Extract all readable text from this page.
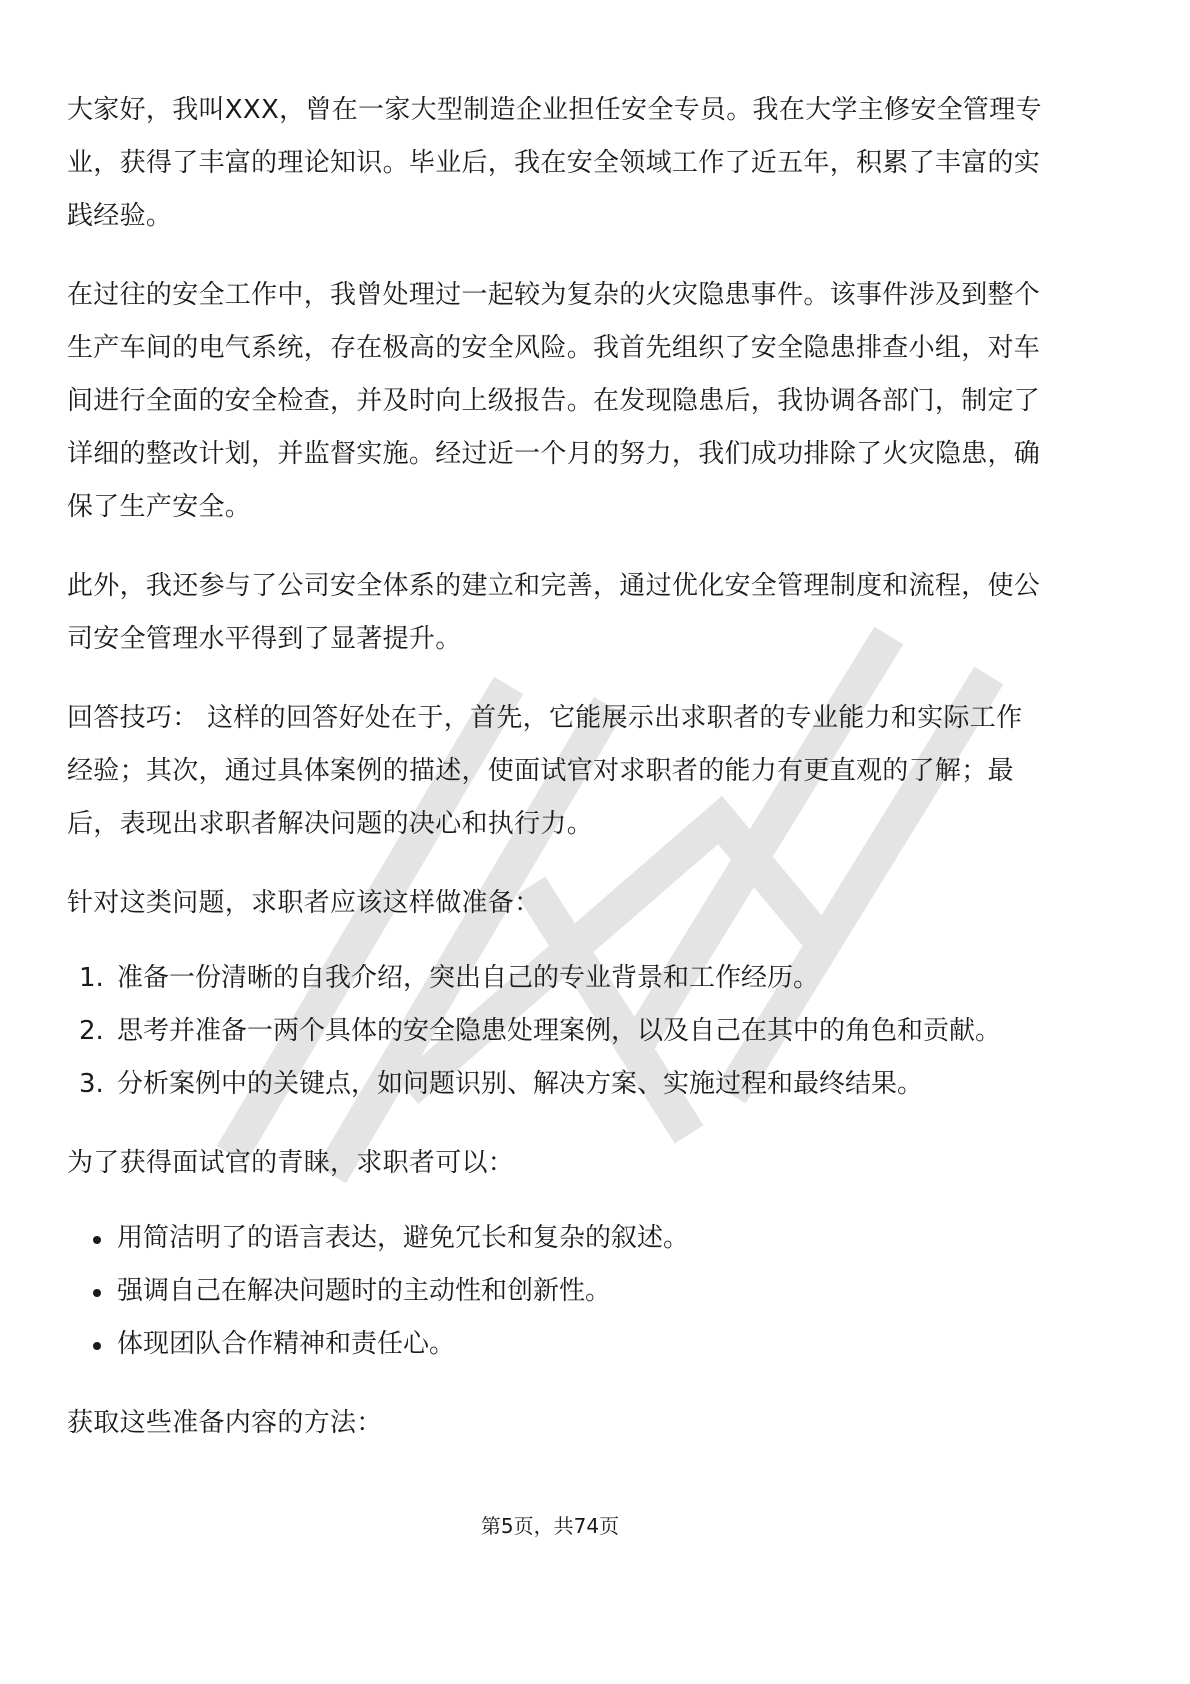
大家好，我叫XXX，曾在一家大型制造企业担任安全专员。我在大学主修安全管理专业，获得了丰富的理论知识。毕业后，我在安全领域工作了近五年，积累了丰富的实践经验。

在过往的安全工作中，我曾处理过一起较为复杂的火灾隐患事件。该事件涉及到整个生产车间的电气系统，存在极高的安全风险。我首先组织了安全隐患排查小组，对车间进行全面的安全检查，并及时向上级报告。在发现隐患后，我协调各部门，制定了详细的整改计划，并监督实施。经过近一个月的努力，我们成功排除了火灾隐患，确保了生产安全。

此外，我还参与了公司安全体系的建立和完善，通过优化安全管理制度和流程，使公司安全管理水平得到了显著提升。

回答技巧： 这样的回答好处在于，首先，它能展示出求职者的专业能力和实际工作经验；其次，通过具体案例的描述，使面试官对求职者的能力有更直观的了解；最后，表现出求职者解决问题的决心和执行力。

针对这类问题，求职者应该这样做准备：

1. 准备一份清晰的自我介绍，突出自己的专业背景和工作经历。
2. 思考并准备一两个具体的安全隐患处理案例，以及自己在其中的角色和贡献。
3. 分析案例中的关键点，如问题识别、解决方案、实施过程和最终结果。

为了获得面试官的青睐，求职者可以：

用简洁明了的语言表达，避免冗长和复杂的叙述。
强调自己在解决问题时的主动性和创新性。
体现团队合作精神和责任心。

获取这些准备内容的方法：

第5页，共74页
